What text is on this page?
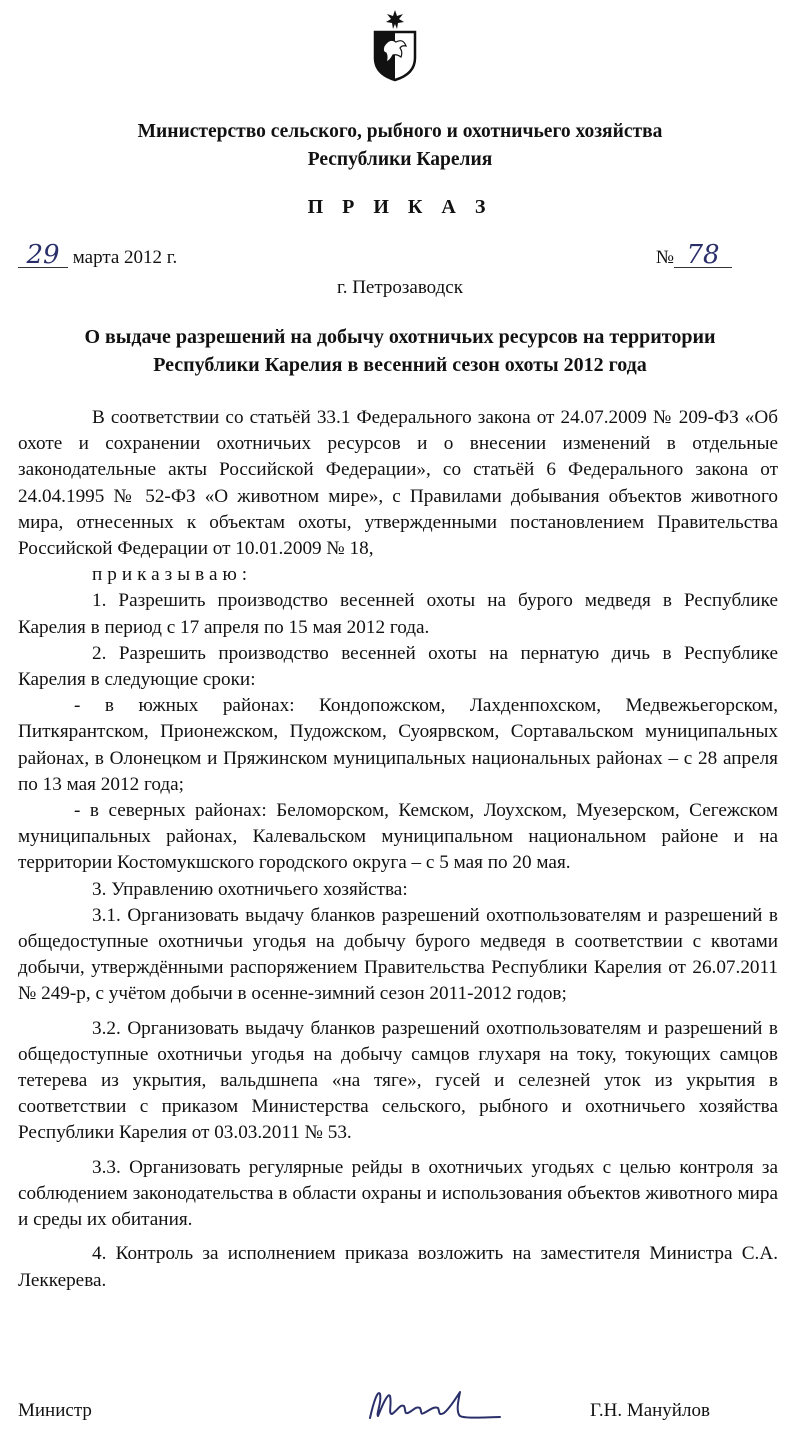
Министерство сельского, рыбного и охотничьего хозяйства
Республики Карелия
П Р И К А З
29 марта 2012 г.	№ 78
г. Петрозаводск
О выдаче разрешений на добычу охотничьих ресурсов на территории
Республики Карелия в весенний сезон охоты 2012 года

В соответствии со статьёй 33.1 Федерального закона от 24.07.2009 № 209-ФЗ «Об охоте и сохранении охотничьих ресурсов и о внесении изменений в отдельные законодательные акты Российской Федерации», со статьёй 6 Федерального закона от 24.04.1995 № 52-ФЗ «О животном мире», с Правилами добывания объектов животного мира, отнесенных к объектам охоты, утвержденными постановлением Правительства Российской Федерации от 10.01.2009 № 18,

приказываю:

1. Разрешить производство весенней охоты на бурого медведя в Республике Карелия в период с 17 апреля по 15 мая 2012 года.

2. Разрешить производство весенней охоты на пернатую дичь в Республике Карелия в следующие сроки:

- в южных районах: Кондопожском, Лахденпохском, Медвежьегорском, Питкярантском, Прионежском, Пудожском, Суоярвском, Сортавальском муниципальных районах, в Олонецком и Пряжинском муниципальных национальных районах – с 28 апреля по 13 мая 2012 года;

- в северных районах: Беломорском, Кемском, Лоухском, Муезерском, Сегежском муниципальных районах, Калевальском муниципальном национальном районе и на территории Костомукшского городского округа – с 5 мая по 20 мая.

3. Управлению охотничьего хозяйства:

3.1. Организовать выдачу бланков разрешений охотпользователям и разрешений в общедоступные охотничьи угодья на добычу бурого медведя в соответствии с квотами добычи, утверждёнными распоряжением Правительства Республики Карелия от 26.07.2011 № 249-р, с учётом добычи в осенне-зимний сезон 2011-2012 годов;

3.2. Организовать выдачу бланков разрешений охотпользователям и разрешений в общедоступные охотничьи угодья на добычу самцов глухаря на току, токующих самцов тетерева из укрытия, вальдшнепа «на тяге», гусей и селезней уток из укрытия в соответствии с приказом Министерства сельского, рыбного и охотничьего хозяйства Республики Карелия от 03.03.2011 № 53.

3.3. Организовать регулярные рейды в охотничьих угодьях с целью контроля за соблюдением законодательства в области охраны и использования объектов животного мира и среды их обитания.

4. Контроль за исполнением приказа возложить на заместителя Министра С.А. Леккерева.

Министр	Г.Н. Мануйлов
